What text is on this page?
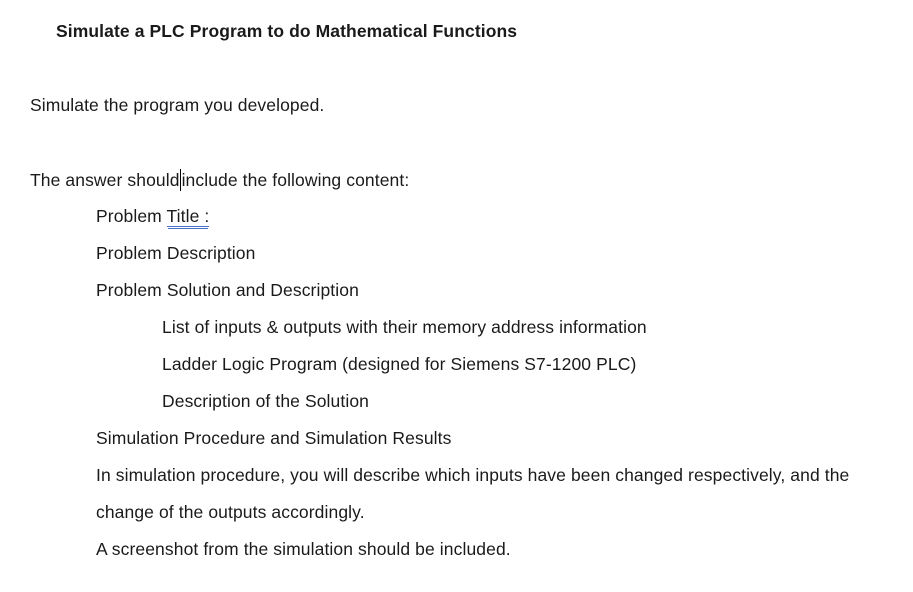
Simulate a PLC Program to do Mathematical Functions
Simulate the program you developed.
The answer should include the following content:
Problem Title :
Problem Description
Problem Solution and Description
List of inputs & outputs with their memory address information
Ladder Logic Program (designed for Siemens S7-1200 PLC)
Description of the Solution
Simulation Procedure and Simulation Results
In simulation procedure, you will describe which inputs have been changed respectively, and the
change of the outputs accordingly.
A screenshot from the simulation should be included.
